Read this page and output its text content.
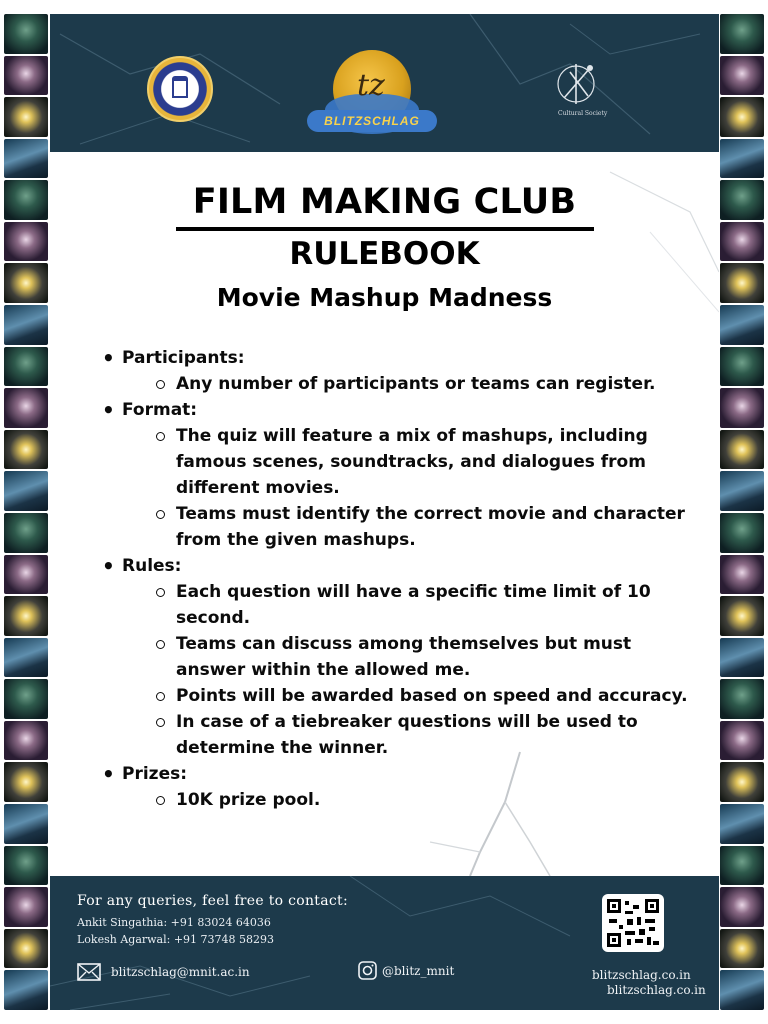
tz
BLITZSCHLAG
Cultural Society
FILM MAKING CLUB
RULEBOOK
Movie Mashup Madness
• Participants:
Any number of participants or teams can register.
• Format:
The quiz will feature a mix of mashups, including famous scenes, soundtracks, and dialogues from different movies.
Teams must identify the correct movie and character from the given mashups.
• Rules:
Each question will have a specific time limit of 10 second.
Teams can discuss among themselves but must answer within the allowed me.
Points will be awarded based on speed and accuracy.
In case of a tiebreaker questions will be used to determine the winner.
• Prizes:
10K prize pool.
For any queries, feel free to contact:
Ankit Singathia: +91 83024 64036
Lokesh Agarwal: +91 73748 58293
blitzschlag@mnit.ac.in	@blitz_mnit	blitzschlag.co.in
blitzschlag.co.in
